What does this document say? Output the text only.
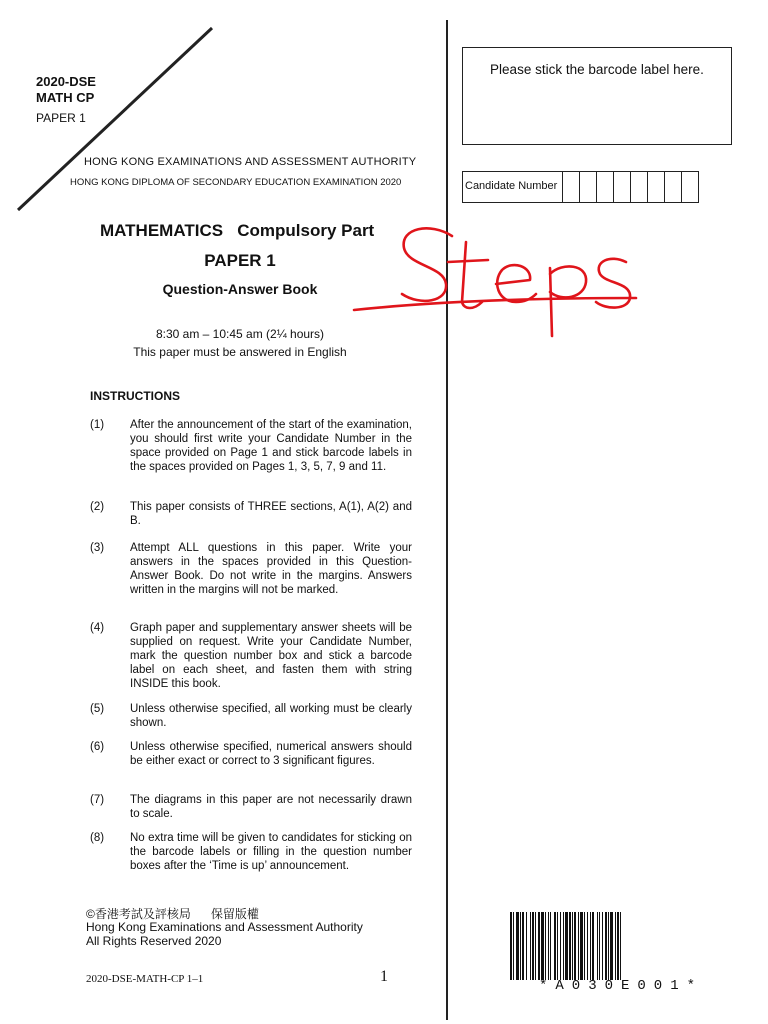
2020-DSE
MATH CP
PAPER 1
HONG KONG EXAMINATIONS AND ASSESSMENT AUTHORITY
HONG KONG DIPLOMA OF SECONDARY EDUCATION EXAMINATION 2020
MATHEMATICS   Compulsory Part
PAPER 1
Question-Answer Book
8:30 am – 10:45 am (2¼ hours)
This paper must be answered in English
INSTRUCTIONS
(1) After the announcement of the start of the examination, you should first write your Candidate Number in the space provided on Page 1 and stick barcode labels in the spaces provided on Pages 1, 3, 5, 7, 9 and 11.
(2) This paper consists of THREE sections, A(1), A(2) and B.
(3) Attempt ALL questions in this paper. Write your answers in the spaces provided in this Question-Answer Book. Do not write in the margins. Answers written in the margins will not be marked.
(4) Graph paper and supplementary answer sheets will be supplied on request. Write your Candidate Number, mark the question number box and stick a barcode label on each sheet, and fasten them with string INSIDE this book.
(5) Unless otherwise specified, all working must be clearly shown.
(6) Unless otherwise specified, numerical answers should be either exact or correct to 3 significant figures.
(7) The diagrams in this paper are not necessarily drawn to scale.
(8) No extra time will be given to candidates for sticking on the barcode labels or filling in the question number boxes after the ‘Time is up’ announcement.
©香港考試及評核局      保留版權
Hong Kong Examinations and Assessment Authority
All Rights Reserved 2020
2020-DSE-MATH-CP 1–1	1
Please stick the barcode label here.
Candidate Number
*A030E001*
